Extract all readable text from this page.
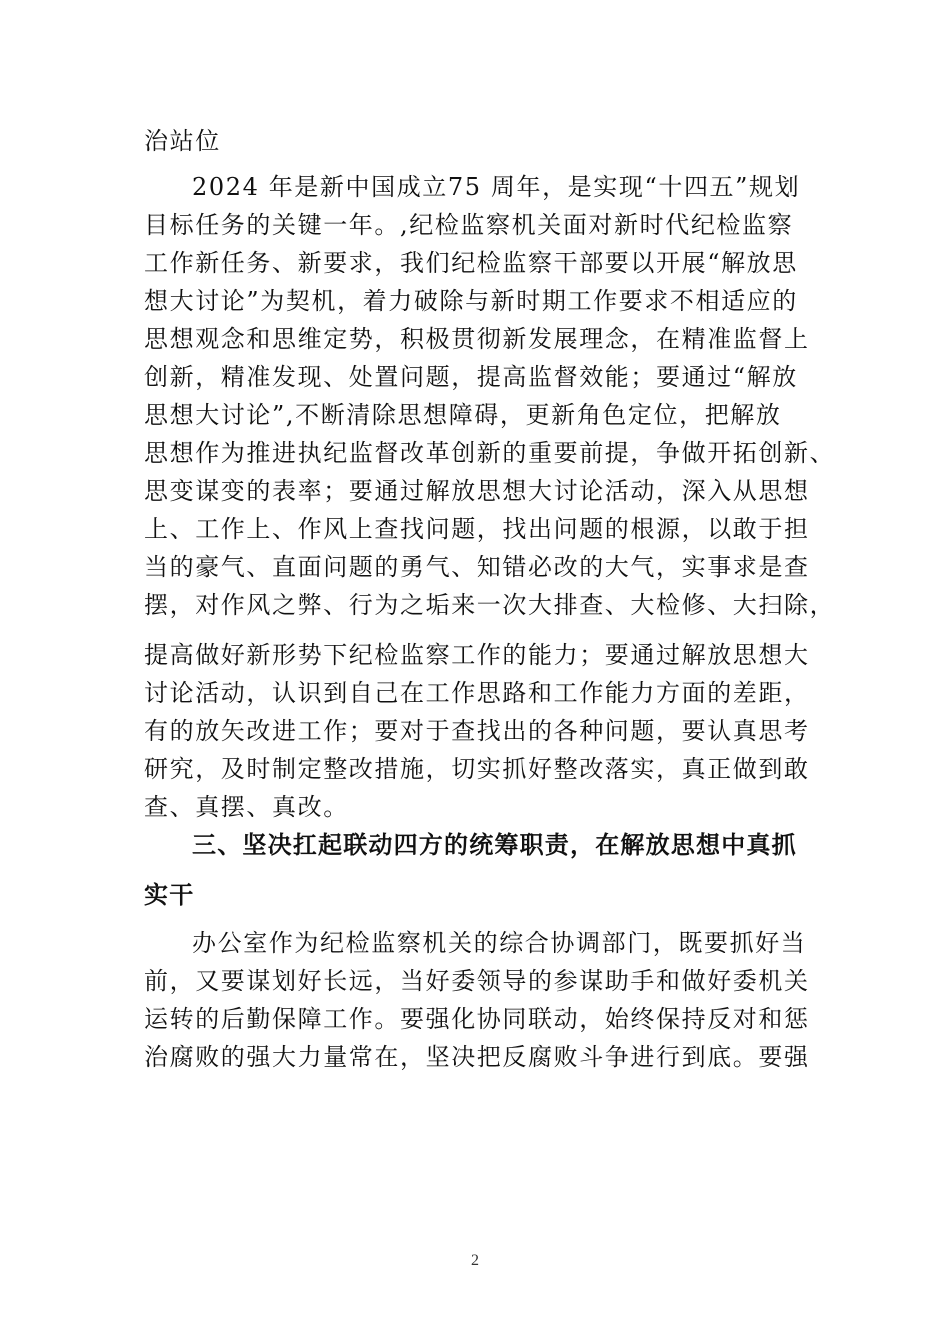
治站位
2024 年是新中国成立75 周年，是实现“十四五”规划
目标任务的关键一年。,纪检监察机关面对新时代纪检监察
工作新任务、新要求，我们纪检监察干部要以开展“解放思
想大讨论”为契机，着力破除与新时期工作要求不相适应的
思想观念和思维定势，积极贯彻新发展理念，在精准监督上
创新，精准发现、处置问题，提高监督效能；要通过“解放
思想大讨论”,不断清除思想障碍，更新角色定位，把解放
思想作为推进执纪监督改革创新的重要前提，争做开拓创新、
思变谋变的表率；要通过解放思想大讨论活动，深入从思想
上、工作上、作风上查找问题，找出问题的根源，以敢于担
当的豪气、直面问题的勇气、知错必改的大气，实事求是查
摆，对作风之弊、行为之垢来一次大排查、大检修、大扫除，
提高做好新形势下纪检监察工作的能力；要通过解放思想大
讨论活动，认识到自己在工作思路和工作能力方面的差距，
有的放矢改进工作；要对于查找出的各种问题，要认真思考
研究，及时制定整改措施，切实抓好整改落实，真正做到敢
查、真摆、真改。
三、坚决扛起联动四方的统筹职责，在解放思想中真抓
实干
办公室作为纪检监察机关的综合协调部门，既要抓好当
前，又要谋划好长远，当好委领导的参谋助手和做好委机关
运转的后勤保障工作。要强化协同联动，始终保持反对和惩
治腐败的强大力量常在，坚决把反腐败斗争进行到底。要强
2
